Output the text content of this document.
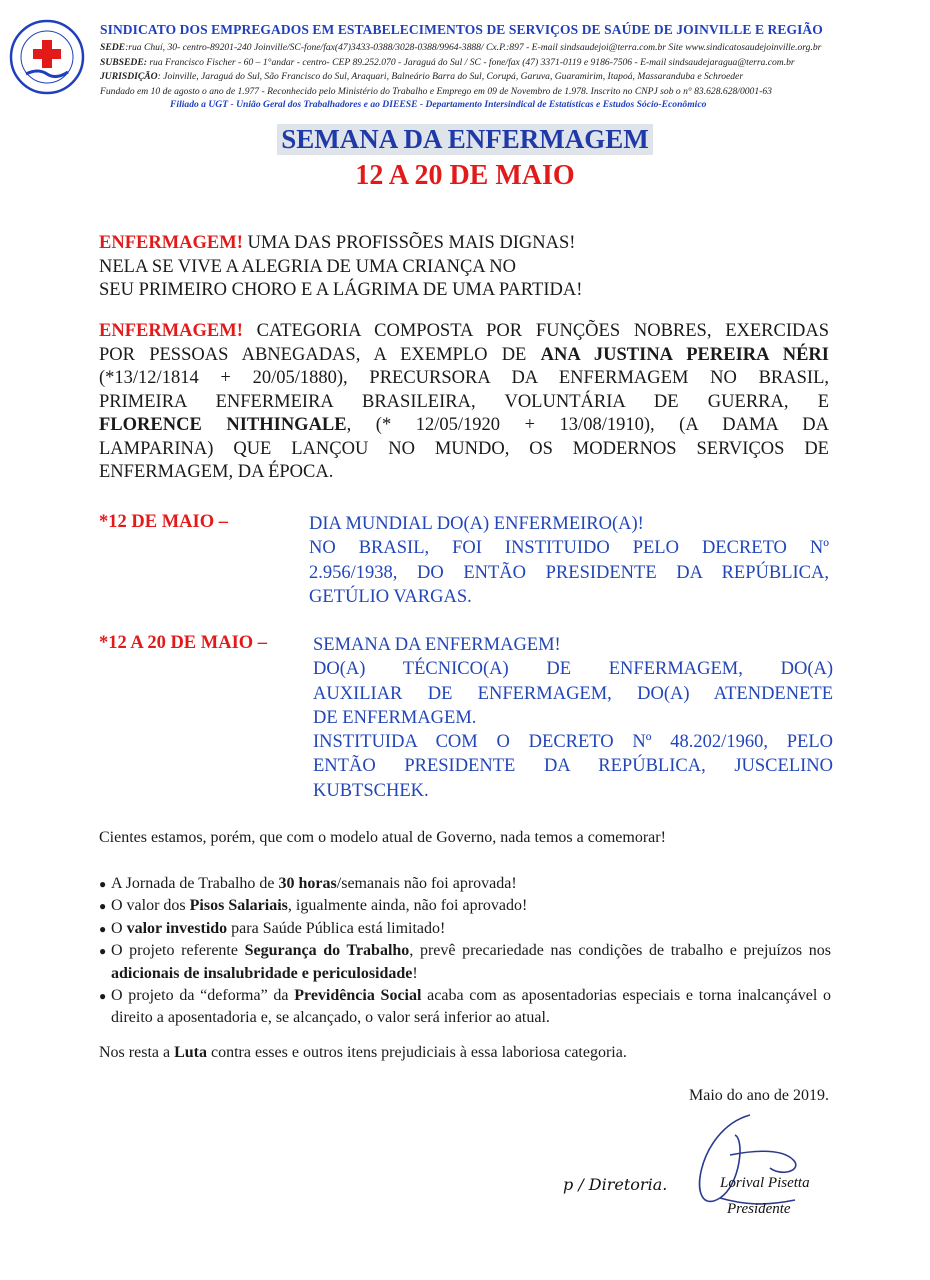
SINDICATO DOS EMPREGADOS EM ESTABELECIMENTOS DE SERVIÇOS DE SAÚDE DE JOINVILLE E REGIÃO
SEDE:rua Chuí, 30- centro-89201-240 Joinville/SC-fone/fax(47)3433-0388/3028-0388/9964-3888/ Cx.P.:897 - E-mail sindsaudejoi@terra.com.br Site www.sindicatosaudejoinville.org.br
SUBSEDE: rua Francisco Fischer - 60 – 1°andar - centro- CEP 89.252.070 - Jaraguá do Sul / SC - fone/fax (47) 3371-0119 e 9186-7506 - E-mail sindsaudejaragua@terra.com.br
JURISDIÇÃO: Joinville, Jaraguá do Sul, São Francisco do Sul, Araquari, Balneário Barra do Sul, Corupá, Garuva, Guaramirim, Itapoá, Massaranduba e Schroeder
Fundado em 10 de agosto o ano de 1.977 - Reconhecido pelo Ministério do Trabalho e Emprego em 09 de Novembro de 1.978. Inscrito no CNPJ sob o n° 83.628.628/0001-63
Filiado a UGT - União Geral dos Trabalhadores e ao DIEESE - Departamento Intersindical de Estatísticas e Estudos Sócio-Econômico
SEMANA DA ENFERMAGEM
12 A 20 DE MAIO
ENFERMAGEM! UMA DAS PROFISSÕES MAIS DIGNAS!
NELA SE VIVE A ALEGRIA DE UMA CRIANÇA NO
SEU PRIMEIRO CHORO E A LÁGRIMA DE UMA PARTIDA!
ENFERMAGEM! CATEGORIA COMPOSTA POR FUNÇÕES NOBRES, EXERCIDAS
POR PESSOAS ABNEGADAS, A EXEMPLO DE ANA JUSTINA PEREIRA NÉRI
(*13/12/1814 + 20/05/1880), PRECURSORA DA ENFERMAGEM NO BRASIL,
PRIMEIRA ENFERMEIRA BRASILEIRA, VOLUNTÁRIA DE GUERRA, E
FLORENCE NITHINGALE, (* 12/05/1920 + 13/08/1910), (A DAMA DA
LAMPARINA) QUE LANÇOU NO MUNDO, OS MODERNOS SERVIÇOS DE
ENFERMAGEM, DA ÉPOCA.
*12 DE MAIO –	DIA MUNDIAL DO(A) ENFERMEIRO(A)!
NO BRASIL, FOI INSTITUIDO PELO DECRETO Nº
2.956/1938, DO ENTÃO PRESIDENTE DA REPÚBLICA,
GETÚLIO VARGAS.
*12 A 20 DE MAIO – SEMANA DA ENFERMAGEM!
DO(A) TÉCNICO(A) DE ENFERMAGEM, DO(A)
AUXILIAR DE ENFERMAGEM, DO(A) ATENDENETE
DE ENFERMAGEM.
INSTITUIDA COM O DECRETO Nº 48.202/1960, PELO
ENTÃO PRESIDENTE DA REPÚBLICA, JUSCELINO
KUBTSCHEK.
Cientes estamos, porém, que com o modelo atual de Governo, nada temos a comemorar!
● A Jornada de Trabalho de 30 horas/semanais não foi aprovada!
● O valor dos Pisos Salariais, igualmente ainda, não foi aprovado!
● O valor investido para Saúde Pública está limitado!
● O projeto referente Segurança do Trabalho, prevê precariedade nas condições de trabalho e prejuízos nos adicionais de insalubridade e periculosidade!
● O projeto da “deforma” da Previdência Social acaba com as aposentadorias especiais e torna inalcançável o direito a aposentadoria e, se alcançado, o valor será inferior ao atual.
Nos resta a Luta contra esses e outros itens prejudiciais à essa laboriosa categoria.
Maio do ano de 2019.
p / Diretoria.	Lorival Pisetta
Presidente
